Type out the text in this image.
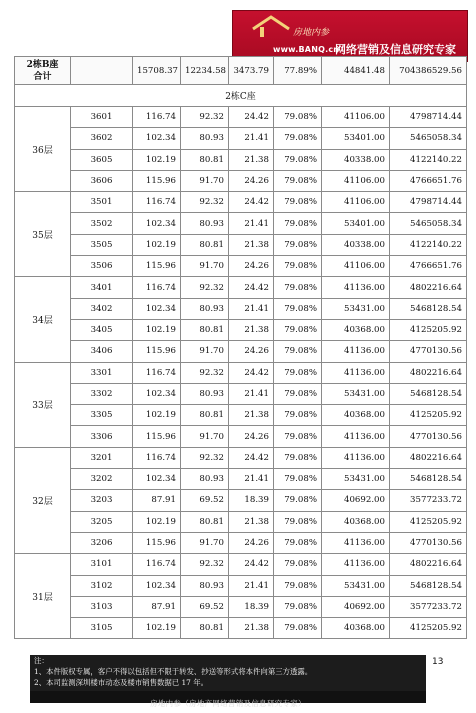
房地内参
www.BANQ.cn
网络营销及信息研究专家
2栋B座
合计		15708.37	12234.58	3473.79	77.89%	44841.48	704386529.56
2栋C座							
36层	3601	116.74	92.32	24.42	79.08%	41106.00	4798714.44
	3602	102.34	80.93	21.41	79.08%	53401.00	5465058.34
	3605	102.19	80.81	21.38	79.08%	40338.00	4122140.22
	3606	115.96	91.70	24.26	79.08%	41106.00	4766651.76
35层	3501	116.74	92.32	24.42	79.08%	41106.00	4798714.44
	3502	102.34	80.93	21.41	79.08%	53401.00	5465058.34
	3505	102.19	80.81	21.38	79.08%	40338.00	4122140.22
	3506	115.96	91.70	24.26	79.08%	41106.00	4766651.76
34层	3401	116.74	92.32	24.42	79.08%	41136.00	4802216.64
	3402	102.34	80.93	21.41	79.08%	53431.00	5468128.54
	3405	102.19	80.81	21.38	79.08%	40368.00	4125205.92
	3406	115.96	91.70	24.26	79.08%	41136.00	4770130.56
33层	3301	116.74	92.32	24.42	79.08%	41136.00	4802216.64
	3302	102.34	80.93	21.41	79.08%	53431.00	5468128.54
	3305	102.19	80.81	21.38	79.08%	40368.00	4125205.92
	3306	115.96	91.70	24.26	79.08%	41136.00	4770130.56
32层	3201	116.74	92.32	24.42	79.08%	41136.00	4802216.64
	3202	102.34	80.93	21.41	79.08%	53431.00	5468128.54
	3203	87.91	69.52	18.39	79.08%	40692.00	3577233.72
	3205	102.19	80.81	21.38	79.08%	40368.00	4125205.92
	3206	115.96	91.70	24.26	79.08%	41136.00	4770130.56
31层	3101	116.74	92.32	24.42	79.08%	41136.00	4802216.64
	3102	102.34	80.93	21.41	79.08%	53431.00	5468128.54
	3103	87.91	69.52	18.39	79.08%	40692.00	3577233.72
	3105	102.19	80.81	21.38	79.08%	40368.00	4125205.92
注：
1、本件版权专属，客户不得以包括但不限于转发、抄送等形式将本件向第三方透露。
2、本司监测深圳楼市动态及楼市销售数据已 17 年。
13
房地内参（房地产网络营销及信息研究专家）
